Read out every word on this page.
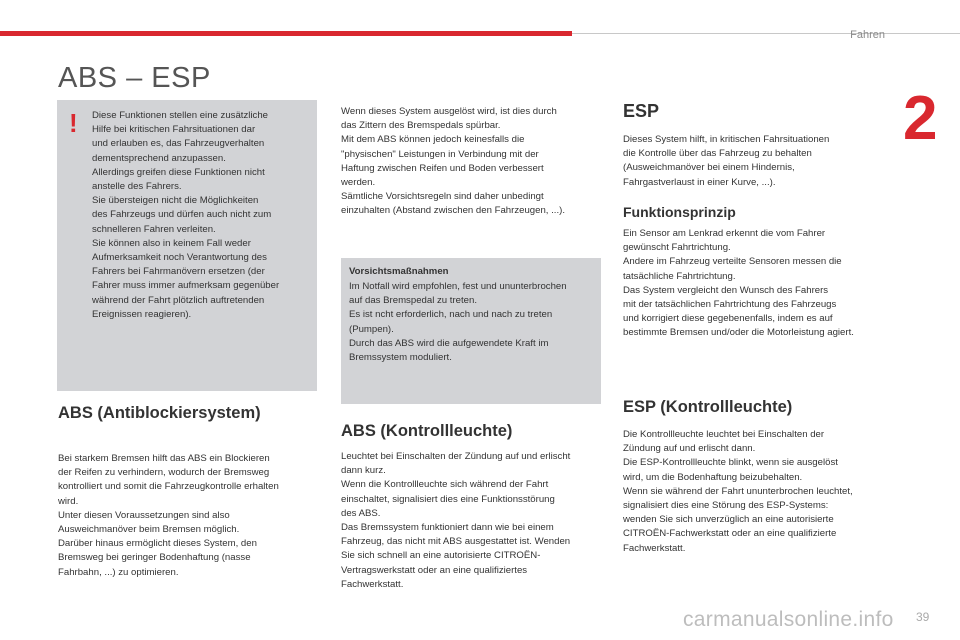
Fahren
2
ABS – ESP
! Diese Funktionen stellen eine zusätzliche
Hilfe bei kritischen Fahrsituationen dar
und erlauben es, das Fahrzeugverhalten
dementsprechend anzupassen.
Allerdings greifen diese Funktionen nicht
anstelle des Fahrers.
Sie übersteigen nicht die Möglichkeiten
des Fahrzeugs und dürfen auch nicht zum
schnelleren Fahren verleiten.
Sie können also in keinem Fall weder
Aufmerksamkeit noch Verantwortung des
Fahrers bei Fahrmanövern ersetzen (der
Fahrer muss immer aufmerksam gegenüber
während der Fahrt plötzlich auftretenden
Ereignissen reagieren).
ABS (Antiblockiersystem)
Bei starkem Bremsen hilft das ABS ein Blockieren
der Reifen zu verhindern, wodurch der Bremsweg
kontrolliert und somit die Fahrzeugkontrolle erhalten
wird.
Unter diesen Voraussetzungen sind also
Ausweichmanöver beim Bremsen möglich.
Darüber hinaus ermöglicht dieses System, den
Bremsweg bei geringer Bodenhaftung (nasse
Fahrbahn, ...) zu optimieren.
Wenn dieses System ausgelöst wird, ist dies durch
das Zittern des Bremspedals spürbar.
Mit dem ABS können jedoch keinesfalls die
"physischen" Leistungen in Verbindung mit der
Haftung zwischen Reifen und Boden verbessert
werden.
Sämtliche Vorsichtsregeln sind daher unbedingt
einzuhalten (Abstand zwischen den Fahrzeugen, ...).
Vorsichtsmaßnahmen
Im Notfall wird empfohlen, fest und ununterbrochen
auf das Bremspedal zu treten.
Es ist ncht erforderlich, nach und nach zu treten
(Pumpen).
Durch das ABS wird die aufgewendete Kraft im
Bremssystem moduliert.
ABS (Kontrollleuchte)
Leuchtet bei Einschalten der Zündung auf und erlischt
dann kurz.
Wenn die Kontrollleuchte sich während der Fahrt
einschaltet, signalisiert dies eine Funktionsstörung
des ABS.
Das Bremssystem funktioniert dann wie bei einem
Fahrzeug, das nicht mit ABS ausgestattet ist. Wenden
Sie sich schnell an eine autorisierte CITROËN-
Vertragswerkstatt oder an eine qualifiziertes
Fachwerkstatt.
ESP
Dieses System hilft, in kritischen Fahrsituationen
die Kontrolle über das Fahrzeug zu behalten
(Ausweichmanöver bei einem Hindernis,
Fahrgastverlaust in einer Kurve, ...).
Funktionsprinzip
Ein Sensor am Lenkrad erkennt die vom Fahrer
gewünscht Fahrtrichtung.
Andere im Fahrzeug verteilte Sensoren messen die
tatsächliche Fahrtrichtung.
Das System vergleicht den Wunsch des Fahrers
mit der tatsächlichen Fahrtrichtung des Fahrzeugs
und korrigiert diese gegebenenfalls, indem es auf
bestimmte Bremsen und/oder die Motorleistung agiert.
ESP (Kontrollleuchte)
Die Kontrollleuchte leuchtet bei Einschalten der
Zündung auf und erlischt dann.
Die ESP-Kontrollleuchte blinkt, wenn sie ausgelöst
wird, um die Bodenhaftung beizubehalten.
Wenn sie während der Fahrt ununterbrochen leuchtet,
signalisiert dies eine Störung des ESP-Systems:
wenden Sie sich unverzüglich an eine autorisierte
CITROËN-Fachwerkstatt oder an eine qualifizierte
Fachwerkstatt.
carmanualsonline.info 39
